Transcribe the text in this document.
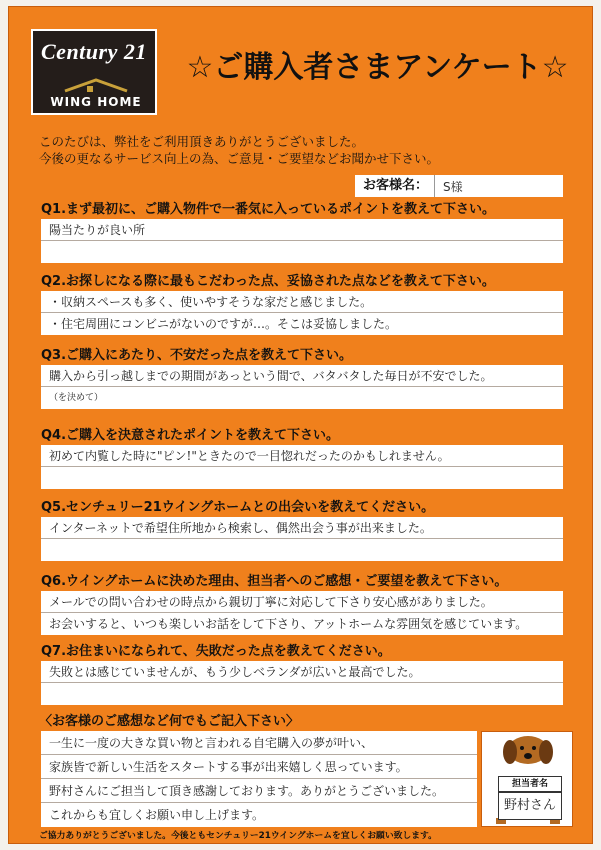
Century 21
WING HOME
☆ご購入者さまアンケート☆
このたびは、弊社をご利用頂きありがとうございました。
今後の更なるサービス向上の為、ご意見・ご要望などお聞かせ下さい。
お客様名：	S様
Q1.まず最初に、ご購入物件で一番気に入っているポイントを教えて下さい。
陽当たりが良い所
Q2.お探しになる際に最もこだわった点、妥協された点などを教えて下さい。
・収納スペースも多く、使いやすそうな家だと感じました。
・住宅周囲にコンビニがないのですが…。そこは妥協しました。
Q3.ご購入にあたり、不安だった点を教えて下さい。
購入から引っ越しまでの期間があっという間で、バタバタした毎日が不安でした。
（を決めて）
Q4.ご購入を決意されたポイントを教えて下さい。
初めて内覧した時に"ピン!"ときたので一目惚れだったのかもしれません。
Q5.センチュリー21ウイングホームとの出会いを教えてください。
インターネットで希望住所地から検索し、偶然出会う事が出来ました。
Q6.ウイングホームに決めた理由、担当者へのご感想・ご要望を教えて下さい。
メールでの問い合わせの時点から親切丁寧に対応して下さり安心感がありました。
お会いすると、いつも楽しいお話をして下さり、アットホームな雰囲気を感じています。
Q7.お住まいになられて、失敗だった点を教えてください。
失敗とは感じていませんが、もう少しベランダが広いと最高でした。
〈お客様のご感想など何でもご記入下さい〉
一生に一度の大きな買い物と言われる自宅購入の夢が叶い、
家族皆で新しい生活をスタートする事が出来嬉しく思っています。
野村さんにご担当して頂き感謝しております。ありがとうございました。
これからも宜しくお願い申し上げます。
担当者名
野村さん
ご協力ありがとうございました。今後ともセンチュリー21ウイングホームを宜しくお願い致します。
